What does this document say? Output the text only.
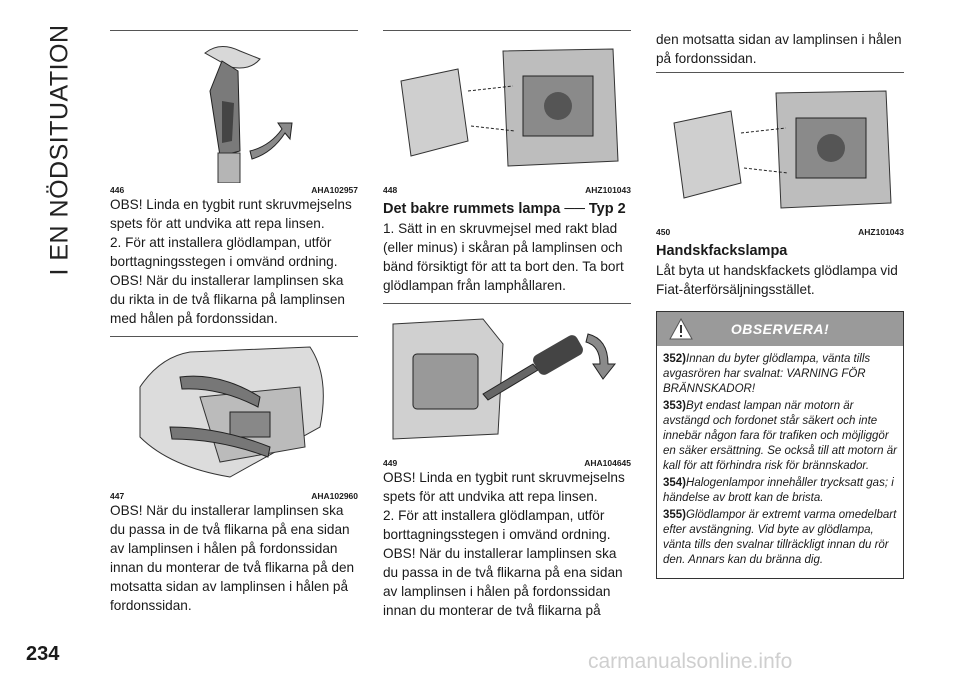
I EN NÖDSITUATION	446	AHA102957

OBS! Linda en tygbit runt skruvmejselns spets för att undvika att repa linsen.

2. För att installera glödlampan, utför borttagningsstegen i omvänd ordning.

OBS! När du installerar lamplinsen ska du rikta in de två flikarna på lamplinsen med hålen på fordonssidan.

447	AHA102960

OBS! När du installerar lamplinsen ska du passa in de två flikarna på ena sidan av lamplinsen i hålen på fordonssidan innan du monterar de två flikarna på den motsatta sidan av lamplinsen i hålen på fordonssidan.

448	AHZ101043
Det bakre rummets lampa ── Typ 2

1. Sätt in en skruvmejsel med rakt blad (eller minus) i skåran på lamplinsen och bänd försiktigt för att ta bort den. Ta bort glödlampan från lamphållaren.

449	AHA104645

OBS! Linda en tygbit runt skruvmejselns spets för att undvika att repa linsen.

2. För att installera glödlampan, utför borttagningsstegen i omvänd ordning.

OBS! När du installerar lamplinsen ska du passa in de två flikarna på ena sidan av lamplinsen i hålen på fordonssidan innan du monterar de två flikarna på

den motsatta sidan av lamplinsen i hålen på fordonssidan.

450	AHZ101043
Handskfackslampa

Låt byta ut handskfackets glödlampa vid Fiat-återförsäljningsstället.

OBSERVERA!

352)Innan du byter glödlampa, vänta tills avgasrören har svalnat: VARNING FÖR BRÄNNSKADOR!

353)Byt endast lampan när motorn är avstängd och fordonet står säkert och inte innebär någon fara för trafiken och möjliggör en säker ersättning. Se också till att motorn är kall för att förhindra risk för brännskador.

354)Halogenlampor innehåller trycksatt gas; i händelse av brott kan de brista.

355)Glödlampor är extremt varma omedelbart efter avstängning. Vid byte av glödlampa, vänta tills den svalnar tillräckligt innan du rör den. Annars kan du bränna dig.

234	carmanualsonline.info
